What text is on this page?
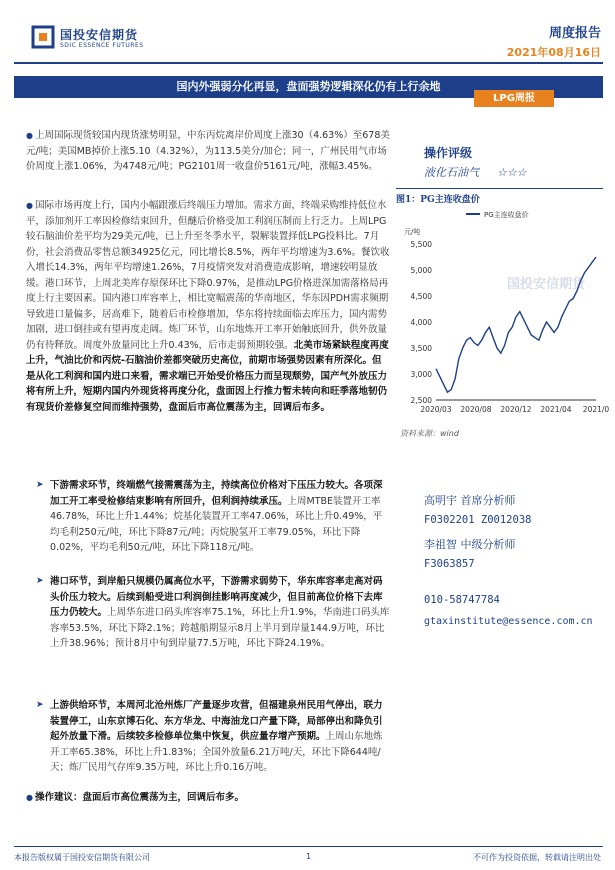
国投安信期货
SDIC ESSENCE FUTURES
周度报告
2021年08月16日
国内外强弱分化再显，盘面强势逻辑深化仍有上行余地
LPG周报

● 上周国际现货较国内现货涨势明显，中东丙烷离岸价周度上涨30（4.63%）至678美元/吨；美国MB掉价上涨5.10（4.32%），为113.5美分/加仑；同一，广州民用气市场价周度上涨1.06%，为4748元/吨；PG2101周一收盘价5161元/吨，涨幅3.45%。

● 国际市场再度上行，国内小幅跟涨后终端压力增加。需求方面，终端采购维持低位水平，添加剂开工率因检修结束回升，但醚后价格受加工利润压制而上行乏力。上周LPG较石脑油价差平均为29美元/吨，已上升至冬季水平，裂解装置择低LPG投料比。7月份，社会消费品零售总额34925亿元，同比增长8.5%，两年平均增速为3.6%。餐饮收入增长14.3%，两年平均增速1.26%，7月疫情突发对消费造成影响，增速较明显放缓。港口环节，上周北美库存原保环比下降0.97%，是推动LPG价格进深加需落格局再度上行主要因素。国内港口库容率上，相比宽幅震荡的华南地区，华东因PDH需求频期导致进口量偏多，居高难下，随着后市检修增加，华东将持续面临去库压力，国内需势加剧，进口倒挂或有望再度走阔。炼厂环节，山东地炼开工率开始触底回升，供外放量仍有待释放。周度外放量同比上升0.43%，后市走弱预期较强。北美市场紧缺程度再度上升，气油比价和丙烷-石脑油价差都突破历史高位，前期市场强势因素有所深化。但是从化工利润和国内进口来看，需求端已开始受价格压力而呈现颓势，国产气外放压力将有所上升，短期内国内外现货将再度分化，盘面因上行推力暂未转向和旺季落地韧仍有现货价差修复空间而维持强势，盘面后市高位震荡为主，回调后布多。

➤ 下游需求环节，终端燃气接需震荡为主，持续高位价格对下压压力较大。各项深加工开工率受检修结束影响有所回升，但利润持续承压。上周MTBE装置开工率46.78%，环比上升1.44%；烷基化装置开工率47.06%，环比上升0.49%，平均毛利250元/吨，环比下降87元/吨；丙烷脱氢开工率79.05%，环比下降0.02%，平均毛利50元/吨，环比下降118元/吨。
➤ 港口环节，到岸船只规模仍属高位水平，下游需求弱势下，华东库容率走高对码头价压力较大。后续到船受进口利润倒挂影响再度减少，但目前高位价格下去库压力仍较大。上周华东进口码头库容率75.1%，环比上升1.9%，华南进口码头库容率53.5%，环比下降2.1%；跨越船期显示8月上半月到岸量144.9万吨，环比上升38.96%；预计8月中旬到岸量77.5万吨，环比下降24.19%。
➤ 上游供给环节，本周河北沧州炼厂产量逐步攻营，但福建泉州民用气停出，联力装置停工，山东京博石化、东方华龙、中海油龙口产量下降，局部停出和降负引起外放量下滑。后续较多检修单位集中恢复，供应量存增产预期。上周山东地炼开工率65.38%，环比上升1.83%；全国外放量6.21万吨/天，环比下降644吨/天；炼厂民用气存库9.35万吨，环比上升0.16万吨。
● 操作建议：盘面后市高位震荡为主，回调后布多。
操作评级
液化石油气 ☆☆☆
图1：PG主连收盘价
国投安信期货
PG主连收盘价
元/吨
2,500
3,000
3,500
4,000
4,500
5,000
5,500
2020/03 2020/08 2020/12 2021/04 2021/0
资料来源：wind
高明宇 首席分析师
F0302201 Z0012038
李祖智 中级分析师
F3063857
010-58747784
gtaxinstitute@essence.com.cn
本报告版权属于国投安信期货有限公司	1	不可作为投资依据，转载请注明出处
